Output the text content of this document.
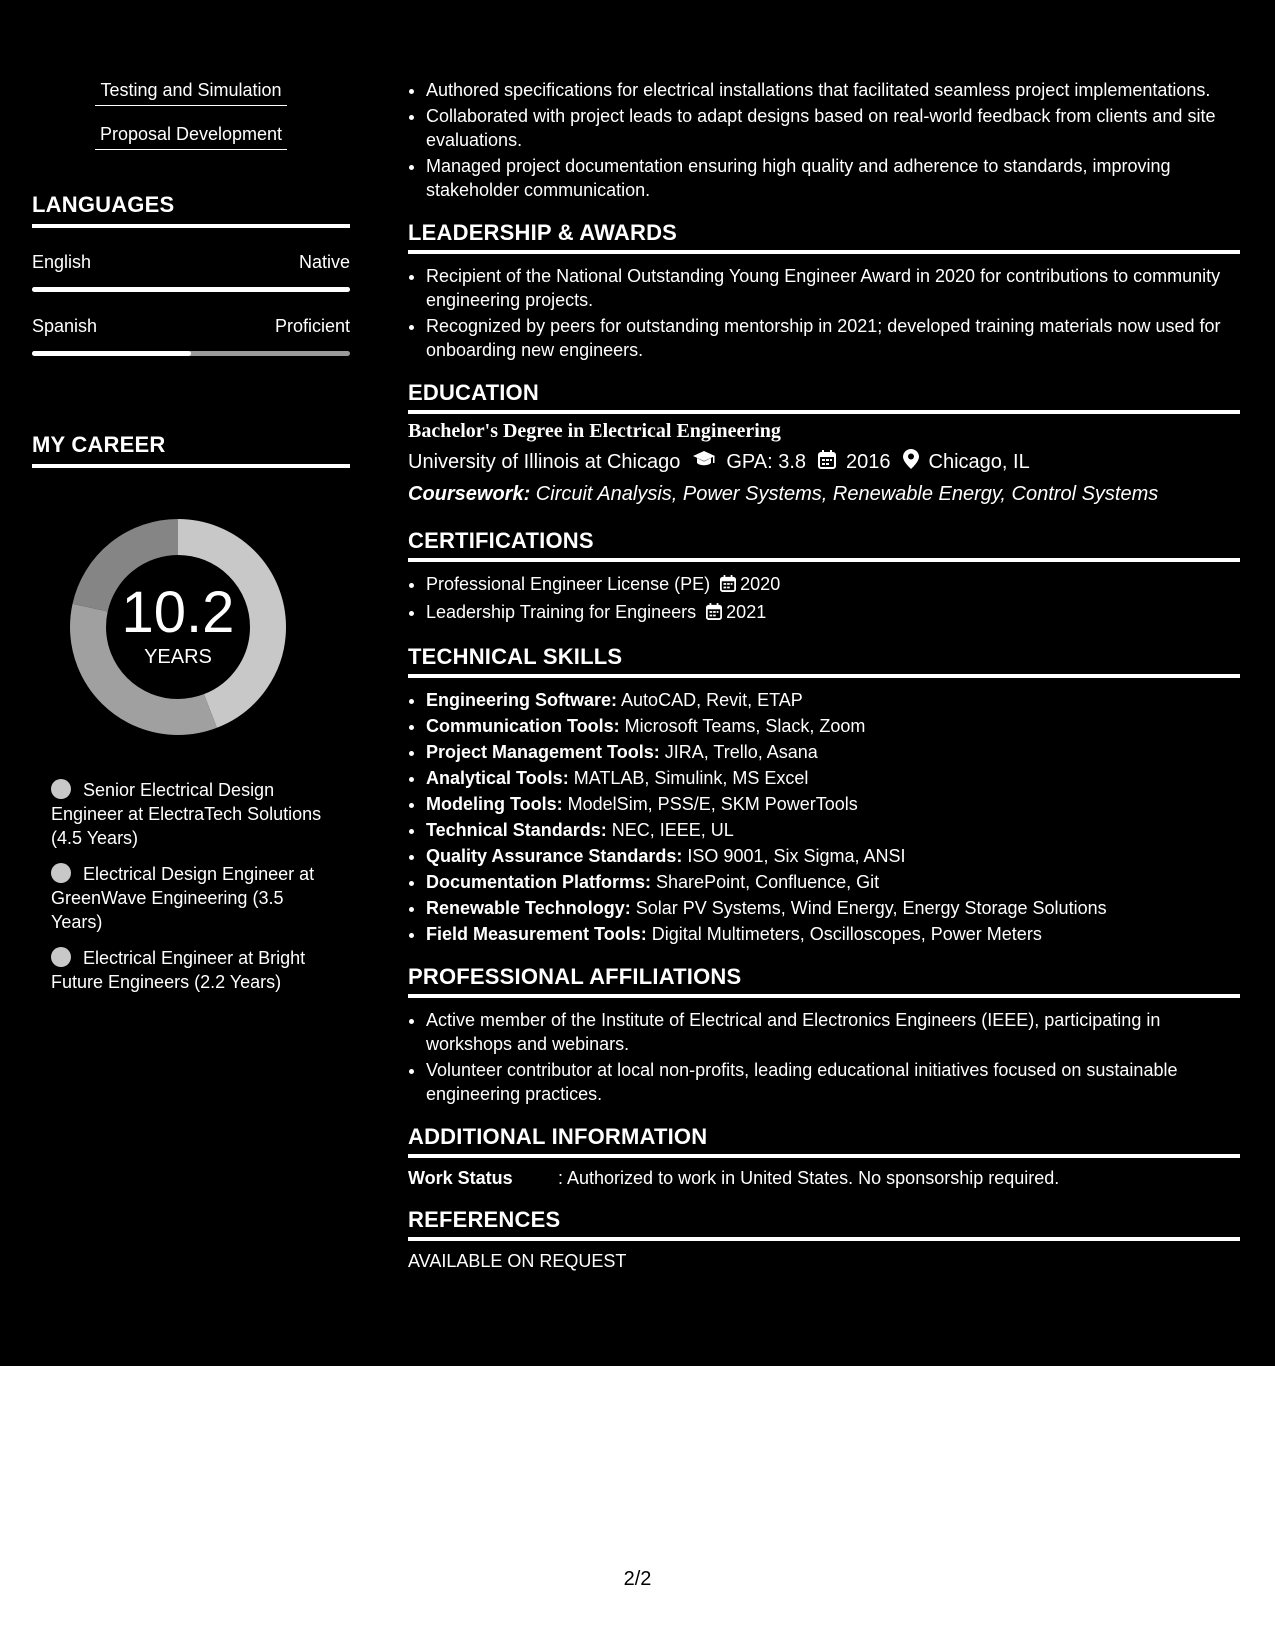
Testing and Simulation
Proposal Development
LANGUAGES
English	Native
Spanish	Proficient
MY CAREER
10.2
YEARS
Senior Electrical Design Engineer at ElectraTech Solutions (4.5 Years)
Electrical Design Engineer at GreenWave Engineering (3.5 Years)
Electrical Engineer at Bright Future Engineers (2.2 Years)
• Authored specifications for electrical installations that facilitated seamless project implementations.
• Collaborated with project leads to adapt designs based on real-world feedback from clients and site evaluations.
• Managed project documentation ensuring high quality and adherence to standards, improving stakeholder communication.
LEADERSHIP & AWARDS
• Recipient of the National Outstanding Young Engineer Award in 2020 for contributions to community engineering projects.
• Recognized by peers for outstanding mentorship in 2021; developed training materials now used for onboarding new engineers.
EDUCATION
Bachelor's Degree in Electrical Engineering
University of Illinois at Chicago GPA: 3.8 2016 Chicago, IL
Coursework: Circuit Analysis, Power Systems, Renewable Energy, Control Systems
CERTIFICATIONS
• Professional Engineer License (PE) 2020
• Leadership Training for Engineers 2021
TECHNICAL SKILLS
• Engineering Software: AutoCAD, Revit, ETAP
• Communication Tools: Microsoft Teams, Slack, Zoom
• Project Management Tools: JIRA, Trello, Asana
• Analytical Tools: MATLAB, Simulink, MS Excel
• Modeling Tools: ModelSim, PSS/E, SKM PowerTools
• Technical Standards: NEC, IEEE, UL
• Quality Assurance Standards: ISO 9001, Six Sigma, ANSI
• Documentation Platforms: SharePoint, Confluence, Git
• Renewable Technology: Solar PV Systems, Wind Energy, Energy Storage Solutions
• Field Measurement Tools: Digital Multimeters, Oscilloscopes, Power Meters
PROFESSIONAL AFFILIATIONS
• Active member of the Institute of Electrical and Electronics Engineers (IEEE), participating in workshops and webinars.
• Volunteer contributor at local non-profits, leading educational initiatives focused on sustainable engineering practices.
ADDITIONAL INFORMATION
Work Status	: Authorized to work in United States. No sponsorship required.
REFERENCES
AVAILABLE ON REQUEST
2/2
